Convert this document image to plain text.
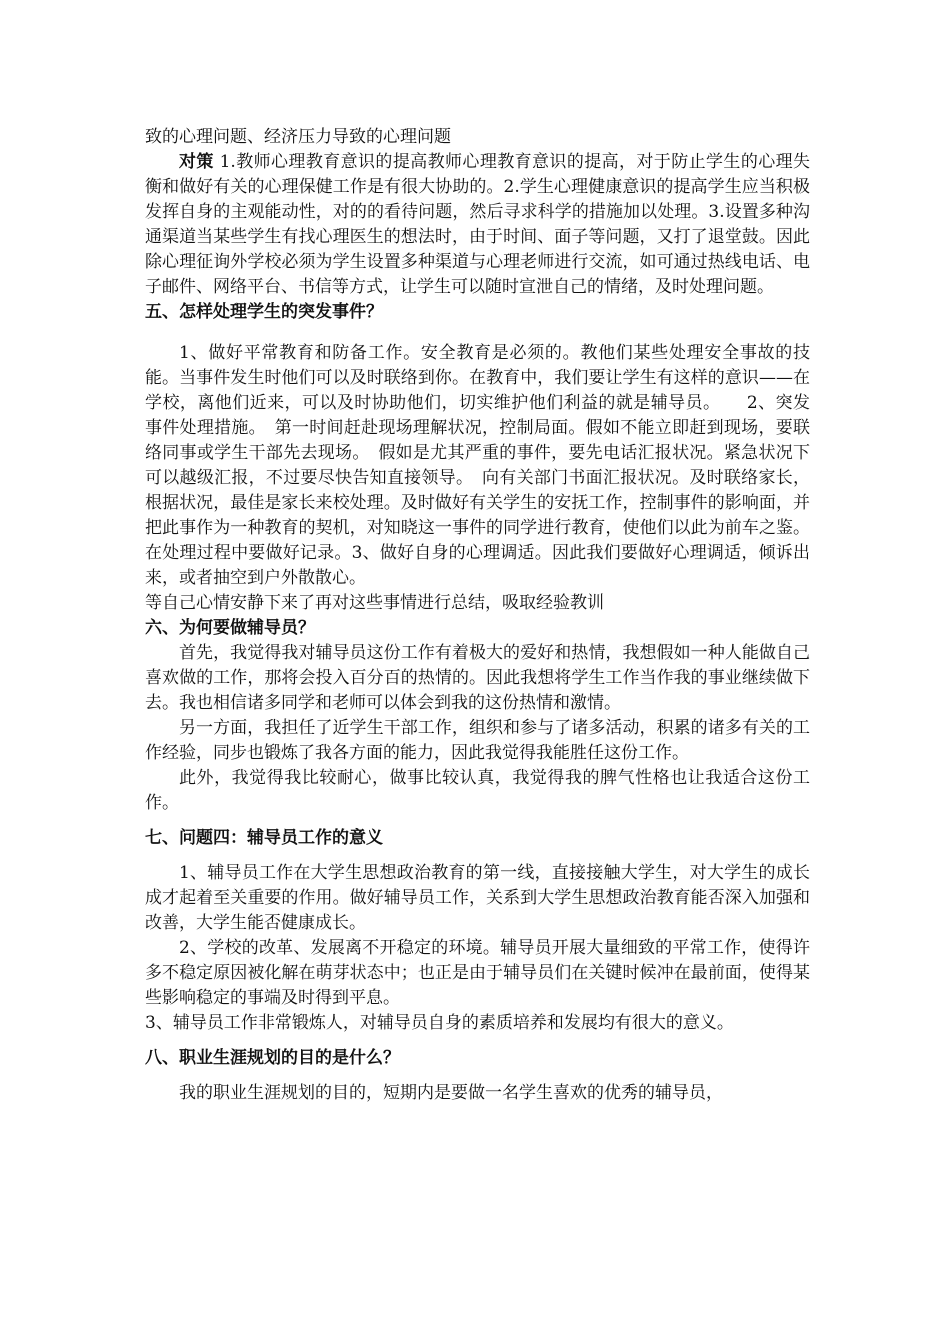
致的心理问题、经济压力导致的心理问题

对策 1.教师心理教育意识的提高教师心理教育意识的提高，对于防止学生的心理失衡和做好有关的心理保健工作是有很大协助的。2.学生心理健康意识的提高学生应当积极发挥自身的主观能动性，对的的看待问题，然后寻求科学的措施加以处理。3.设置多种沟通渠道当某些学生有找心理医生的想法时，由于时间、面子等问题，又打了退堂鼓。因此除心理征询外学校必须为学生设置多种渠道与心理老师进行交流，如可通过热线电话、电子邮件、网络平台、书信等方式，让学生可以随时宣泄自己的情绪，及时处理问题。

五、怎样处理学生的突发事件？

1、做好平常教育和防备工作。安全教育是必须的。教他们某些处理安全事故的技能。当事件发生时他们可以及时联络到你。在教育中，我们要让学生有这样的意识——在学校，离他们近来，可以及时协助他们，切实维护他们利益的就是辅导员。　　2、突发事件处理措施。　第一时间赶赴现场理解状况，控制局面。假如不能立即赶到现场，要联络同事或学生干部先去现场。　假如是尤其严重的事件，要先电话汇报状况。紧急状况下可以越级汇报，不过要尽快告知直接领导。　向有关部门书面汇报状况。及时联络家长，根据状况，最佳是家长来校处理。及时做好有关学生的安抚工作，控制事件的影响面，并把此事作为一种教育的契机，对知晓这一事件的同学进行教育，使他们以此为前车之鉴。在处理过程中要做好记录。3、做好自身的心理调适。因此我们要做好心理调适，倾诉出来，或者抽空到户外散散心。

等自己心情安静下来了再对这些事情进行总结，吸取经验教训

六、为何要做辅导员？

首先，我觉得我对辅导员这份工作有着极大的爱好和热情，我想假如一种人能做自己喜欢做的工作，那将会投入百分百的热情的。因此我想将学生工作当作我的事业继续做下去。我也相信诸多同学和老师可以体会到我的这份热情和激情。

另一方面，我担任了近学生干部工作，组织和参与了诸多活动，积累的诸多有关的工作经验，同步也锻炼了我各方面的能力，因此我觉得我能胜任这份工作。

此外，我觉得我比较耐心，做事比较认真，我觉得我的脾气性格也让我适合这份工作。

七、问题四：辅导员工作的意义

1、辅导员工作在大学生思想政治教育的第一线，直接接触大学生，对大学生的成长成才起着至关重要的作用。做好辅导员工作，关系到大学生思想政治教育能否深入加强和改善，大学生能否健康成长。

2、学校的改革、发展离不开稳定的环境。辅导员开展大量细致的平常工作，使得许多不稳定原因被化解在萌芽状态中；也正是由于辅导员们在关键时候冲在最前面，使得某些影响稳定的事端及时得到平息。

3、辅导员工作非常锻炼人，对辅导员自身的素质培养和发展均有很大的意义。

八、职业生涯规划的目的是什么？

我的职业生涯规划的目的，短期内是要做一名学生喜欢的优秀的辅导员，
